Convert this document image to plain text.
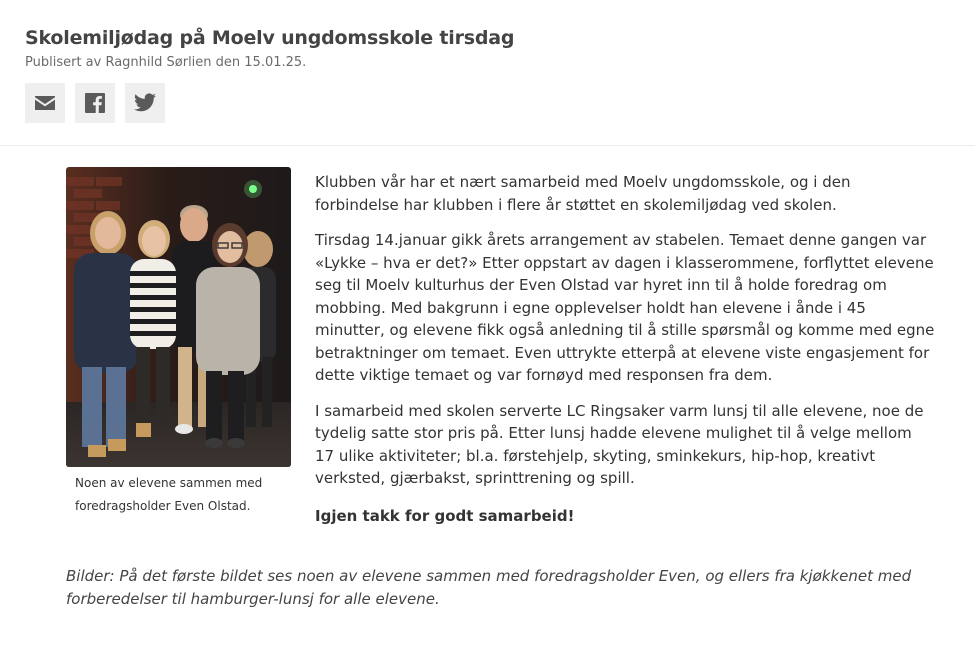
Skolemiljødag på Moelv ungdomsskole tirsdag
Publisert av Ragnhild Sørlien den 15.01.25.
Noen av elevene sammen med foredragsholder Even Olstad.

Klubben vår har et nært samarbeid med Moelv ungdomsskole, og i den forbindelse har klubben i flere år støttet en skolemiljødag ved skolen.

Tirsdag 14.januar gikk årets arrangement av stabelen. Temaet denne gangen var «Lykke – hva er det?» Etter oppstart av dagen i klasserommene, forflyttet elevene seg til Moelv kulturhus der Even Olstad var hyret inn til å holde foredrag om mobbing. Med bakgrunn i egne opplevelser holdt han elevene i ånde i 45 minutter, og elevene fikk også anledning til å stille spørsmål og komme med egne betraktninger om temaet. Even uttrykte etterpå at elevene viste engasjement for dette viktige temaet og var fornøyd med responsen fra dem.

I samarbeid med skolen serverte LC Ringsaker varm lunsj til alle elevene, noe de tydelig satte stor pris på. Etter lunsj hadde elevene mulighet til å velge mellom 17 ulike aktiviteter; bl.a. førstehjelp, skyting, sminkekurs, hip-hop, kreativt verksted, gjærbakst, sprinttrening og spill.

Igjen takk for godt samarbeid!

Bilder: På det første bildet ses noen av elevene sammen med foredragsholder Even, og ellers fra kjøkkenet med forberedelser til hamburger-lunsj for alle elevene.
